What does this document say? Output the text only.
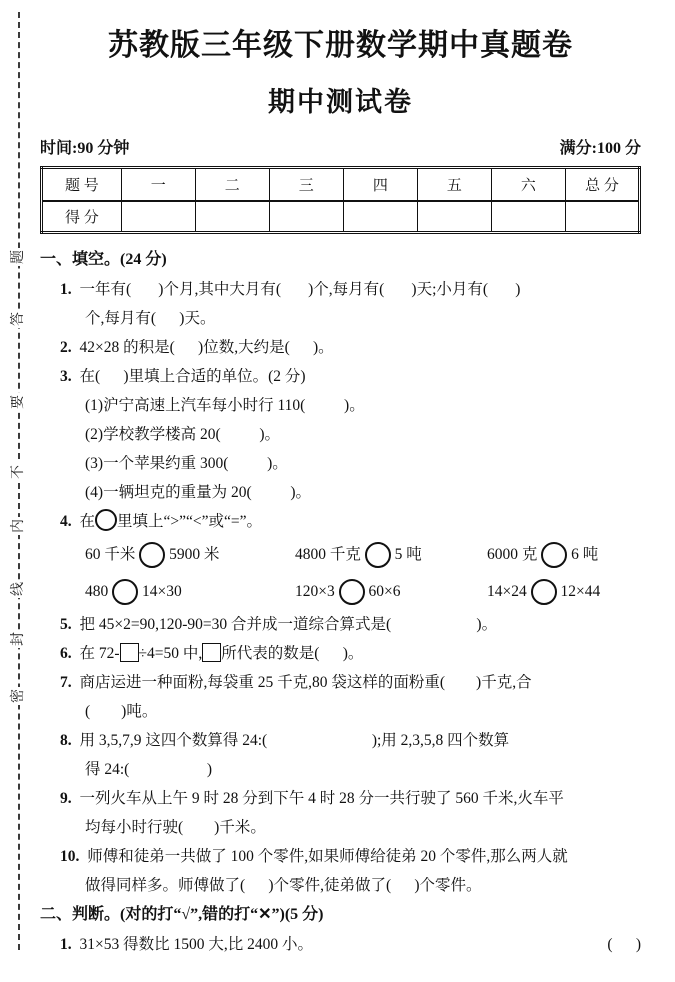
题
答
要
不
内
线
封
密
苏教版三年级下册数学期中真题卷
期中测试卷
时间:90 分钟	满分:100 分
题 号	一	二	三	四	五	六	总 分
得 分							
一、填空。(24 分)
1. 一年有(       )个月,其中大月有(       )个,每月有(       )天;小月有(       )
个,每月有(      )天。
2. 42×28 的积是(      )位数,大约是(      )。
3. 在(      )里填上合适的单位。(2 分)
(1)沪宁高速上汽车每小时行 110(          )。
(2)学校教学楼高 20(          )。
(3)一个苹果约重 300(          )。
(4)一辆坦克的重量为 20(          )。
4. 在 里填上“>”“<”或“=”。
60 千米 5900 米	4800 千克 5 吨	6000 克 6 吨
480 14×30	120×3 60×6	14×24 12×44
5. 把 45×2=90,120-90=30 合并成一道综合算式是(                      )。
6. 在 72- ÷4=50 中, 所代表的数是(      )。
7. 商店运进一种面粉,每袋重 25 千克,80 袋这样的面粉重(        )千克,合
(        )吨。
8. 用 3,5,7,9 这四个数算得 24:(                           );用 2,3,5,8 四个数算
得 24:(                    )
9. 一列火车从上午 9 时 28 分到下午 4 时 28 分一共行驶了 560 千米,火车平
均每小时行驶(        )千米。
10. 师傅和徒弟一共做了 100 个零件,如果师傅给徒弟 20 个零件,那么两人就
做得同样多。师傅做了(      )个零件,徒弟做了(      )个零件。
二、判断。(对的打“√”,错的打“✕”)(5 分)
1. 31×53 得数比 1500 大,比 2400 小。	(      )
